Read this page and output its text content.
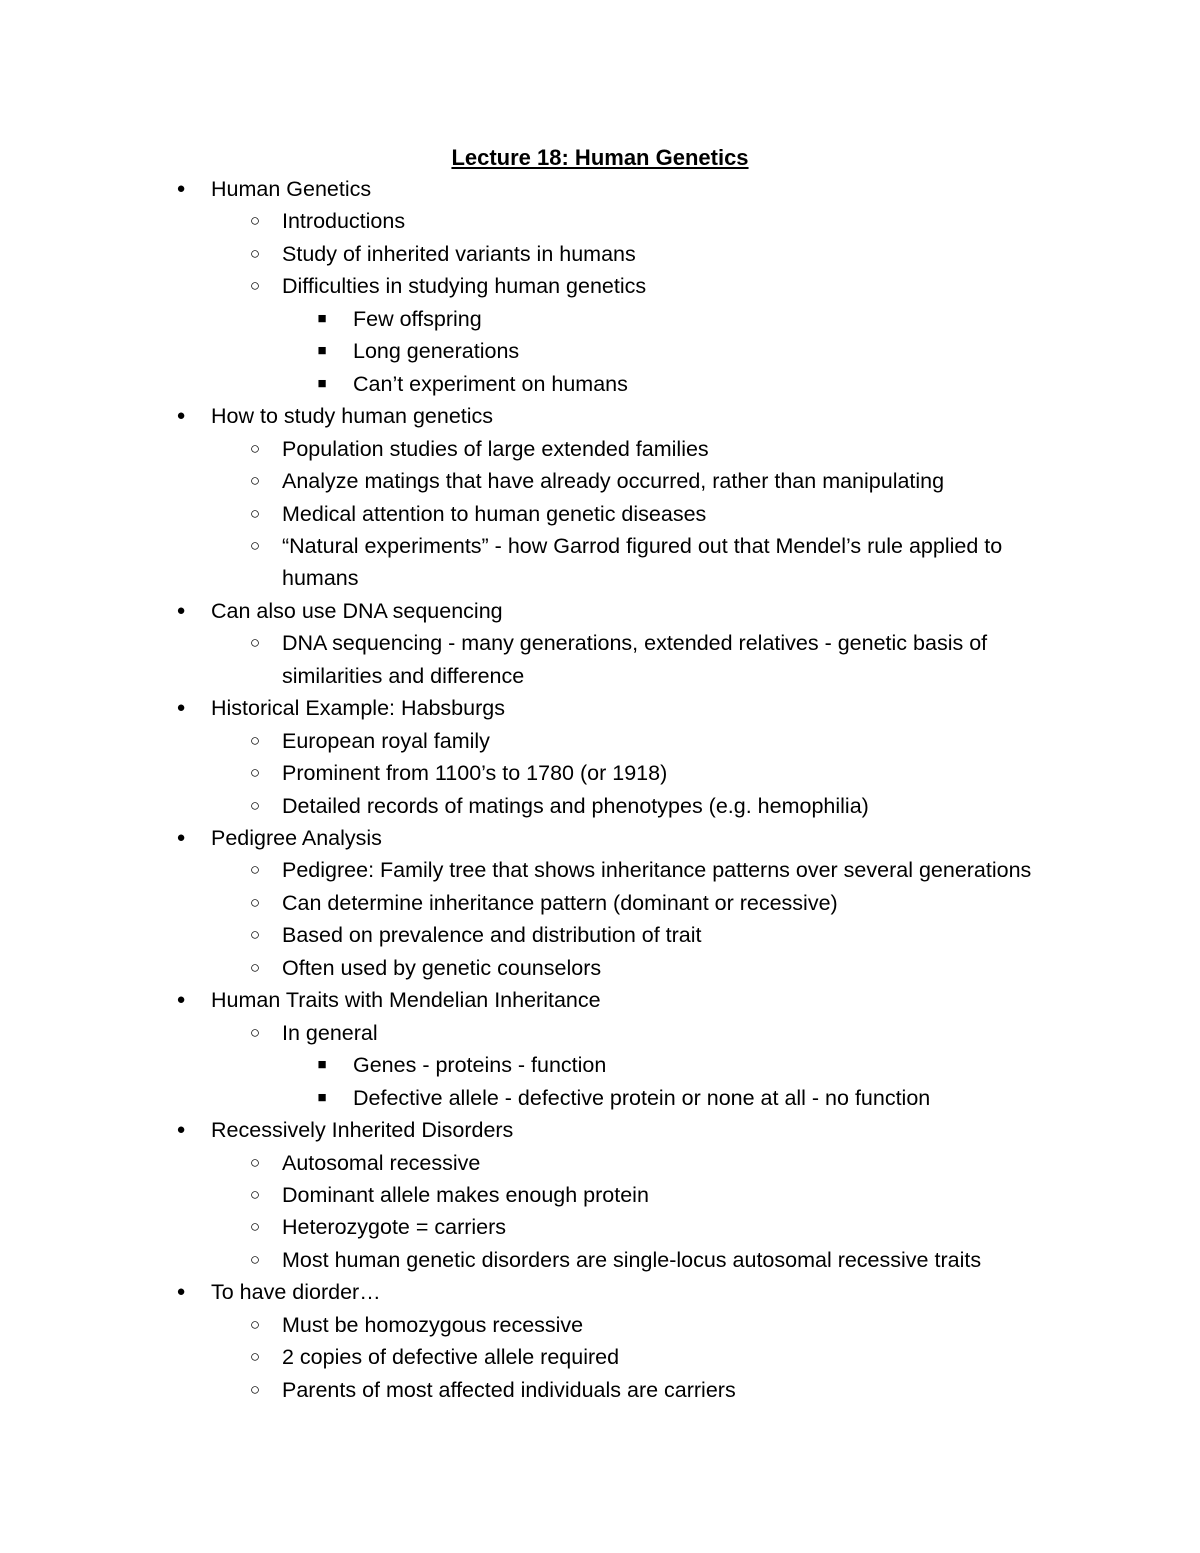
Lecture 18: Human Genetics
● Human Genetics
○ Introductions
○ Study of inherited variants in humans
○ Difficulties in studying human genetics
■ Few offspring
■ Long generations
■ Can’t experiment on humans
● How to study human genetics
○ Population studies of large extended families
○ Analyze matings that have already occurred, rather than manipulating
○ Medical attention to human genetic diseases
○ “Natural experiments” - how Garrod figured out that Mendel’s rule applied to
humans
● Can also use DNA sequencing
○ DNA sequencing - many generations, extended relatives - genetic basis of
similarities and difference
● Historical Example: Habsburgs
○ European royal family
○ Prominent from 1100’s to 1780 (or 1918)
○ Detailed records of matings and phenotypes (e.g. hemophilia)
● Pedigree Analysis
○ Pedigree: Family tree that shows inheritance patterns over several generations
○ Can determine inheritance pattern (dominant or recessive)
○ Based on prevalence and distribution of trait
○ Often used by genetic counselors
● Human Traits with Mendelian Inheritance
○ In general
■ Genes - proteins - function
■ Defective allele - defective protein or none at all - no function
● Recessively Inherited Disorders
○ Autosomal recessive
○ Dominant allele makes enough protein
○ Heterozygote = carriers
○ Most human genetic disorders are single-locus autosomal recessive traits
● To have diorder…
○ Must be homozygous recessive
○ 2 copies of defective allele required
○ Parents of most affected individuals are carriers
